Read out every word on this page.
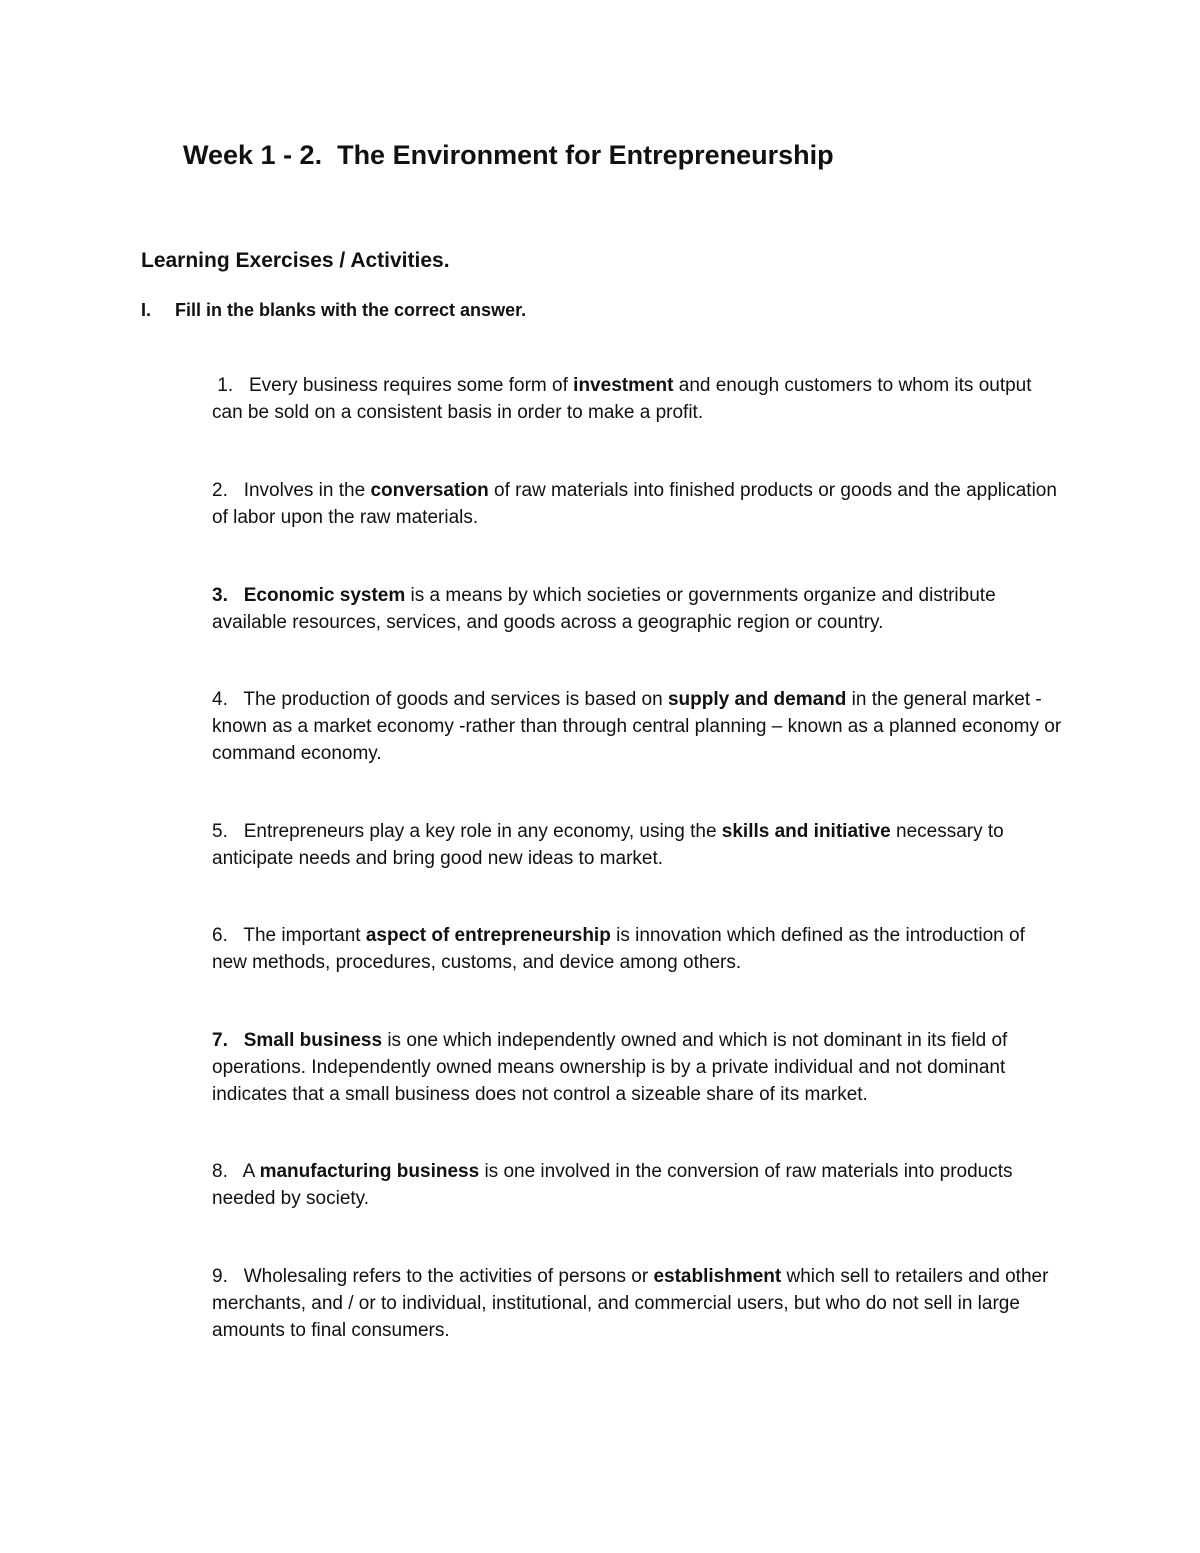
Week 1 - 2.  The Environment for Entrepreneurship
Learning Exercises / Activities.
I.	Fill in the blanks with the correct answer.

1. Every business requires some form of investment and enough customers to whom its output can be sold on a consistent basis in order to make a profit.

2. Involves in the conversation of raw materials into finished products or goods and the application of labor upon the raw materials.

3. Economic system is a means by which societies or governments organize and distribute available resources, services, and goods across a geographic region or country.

4. The production of goods and services is based on supply and demand in the general market - known as a market economy -rather than through central planning – known as a planned economy or command economy.

5. Entrepreneurs play a key role in any economy, using the skills and initiative necessary to anticipate needs and bring good new ideas to market.

6. The important aspect of entrepreneurship is innovation which defined as the introduction of new methods, procedures, customs, and device among others.

7. Small business is one which independently owned and which is not dominant in its field of operations. Independently owned means ownership is by a private individual and not dominant indicates that a small business does not control a sizeable share of its market.

8. A manufacturing business is one involved in the conversion of raw materials into products needed by society.

9. Wholesaling refers to the activities of persons or establishment which sell to retailers and other merchants, and / or to individual, institutional, and commercial users, but who do not sell in large amounts to final consumers.
